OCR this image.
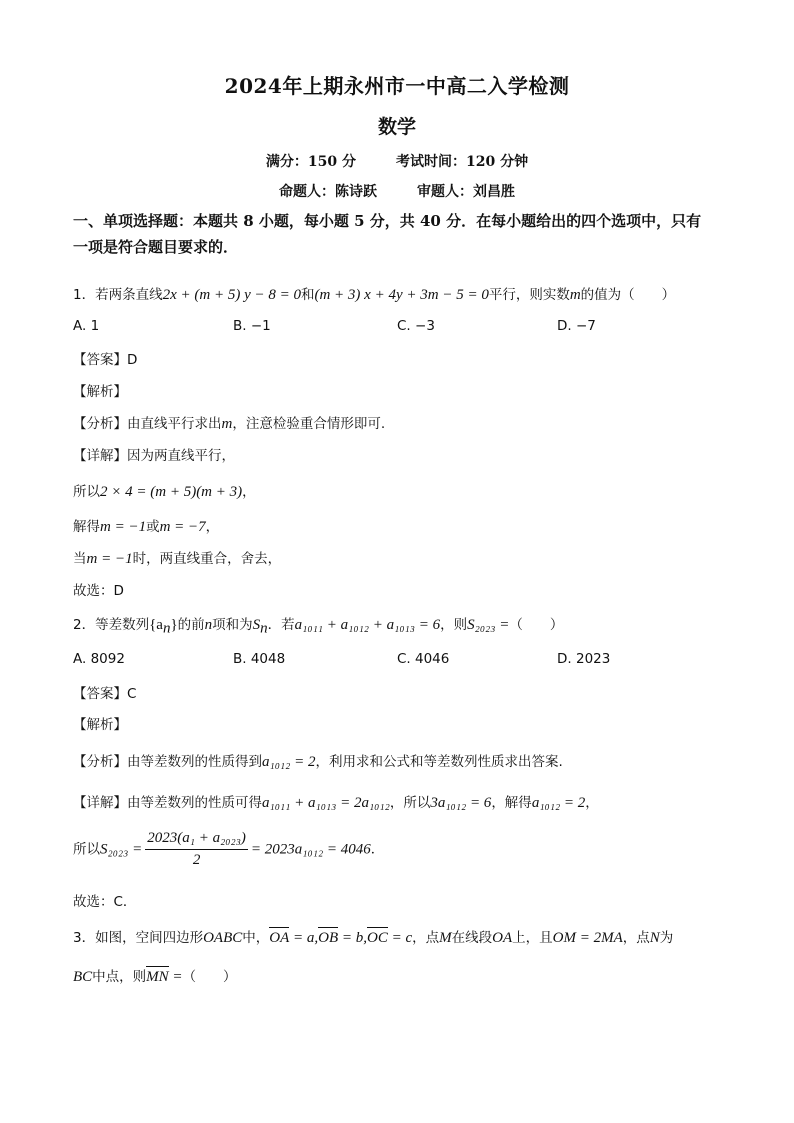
2024年上期永州市一中高二入学检测
数学
满分：150 分	考试时间：120 分钟
命题人：陈诗跃	审题人：刘昌胜
一、单项选择题：本题共 8 小题，每小题 5 分，共 40 分．在每小题给出的四个选项中，只有
一项是符合题目要求的．
1．若两条直线2x + (m + 5) y − 8 = 0和(m + 3) x + 4y + 3m − 5 = 0平行，则实数m的值为（　　）
A. 1	B. −1	C. −3	D. −7
【答案】D
【解析】
【分析】由直线平行求出m，注意检验重合情形即可.
【详解】因为两直线平行，
所以2 × 4 = (m + 5)(m + 3)，
解得m = −1或m = −7，
当m = −1时，两直线重合，舍去，
故选：D
2．等差数列$\{a_n\}$的前n项和为$S_n$．若a₁₀₁₁ + a₁₀₁₂ + a₁₀₁₃ = 6，则S₂₀₂₃ =（　　）
A. 8092	B. 4048	C. 4046	D. 2023
【答案】C
【解析】
【分析】由等差数列的性质得到a₁₀₁₂ = 2，利用求和公式和等差数列性质求出答案.
【详解】由等差数列的性质可得a₁₀₁₁ + a₁₀₁₃ = 2a₁₀₁₂，所以3a₁₀₁₂ = 6，解得a₁₀₁₂ = 2，
所以$S_{2023} = \frac{\text{2023(a₁ + a₂₀₂₃)}}{2} = 2023a_{1012} = 4046$．
故选：C．
3．如图，空间四边形OABC中，OA = a,OB = b,OC = c，点M在线段OA上，且OM = 2MA，点N为
BC中点，则MN =（　　）
